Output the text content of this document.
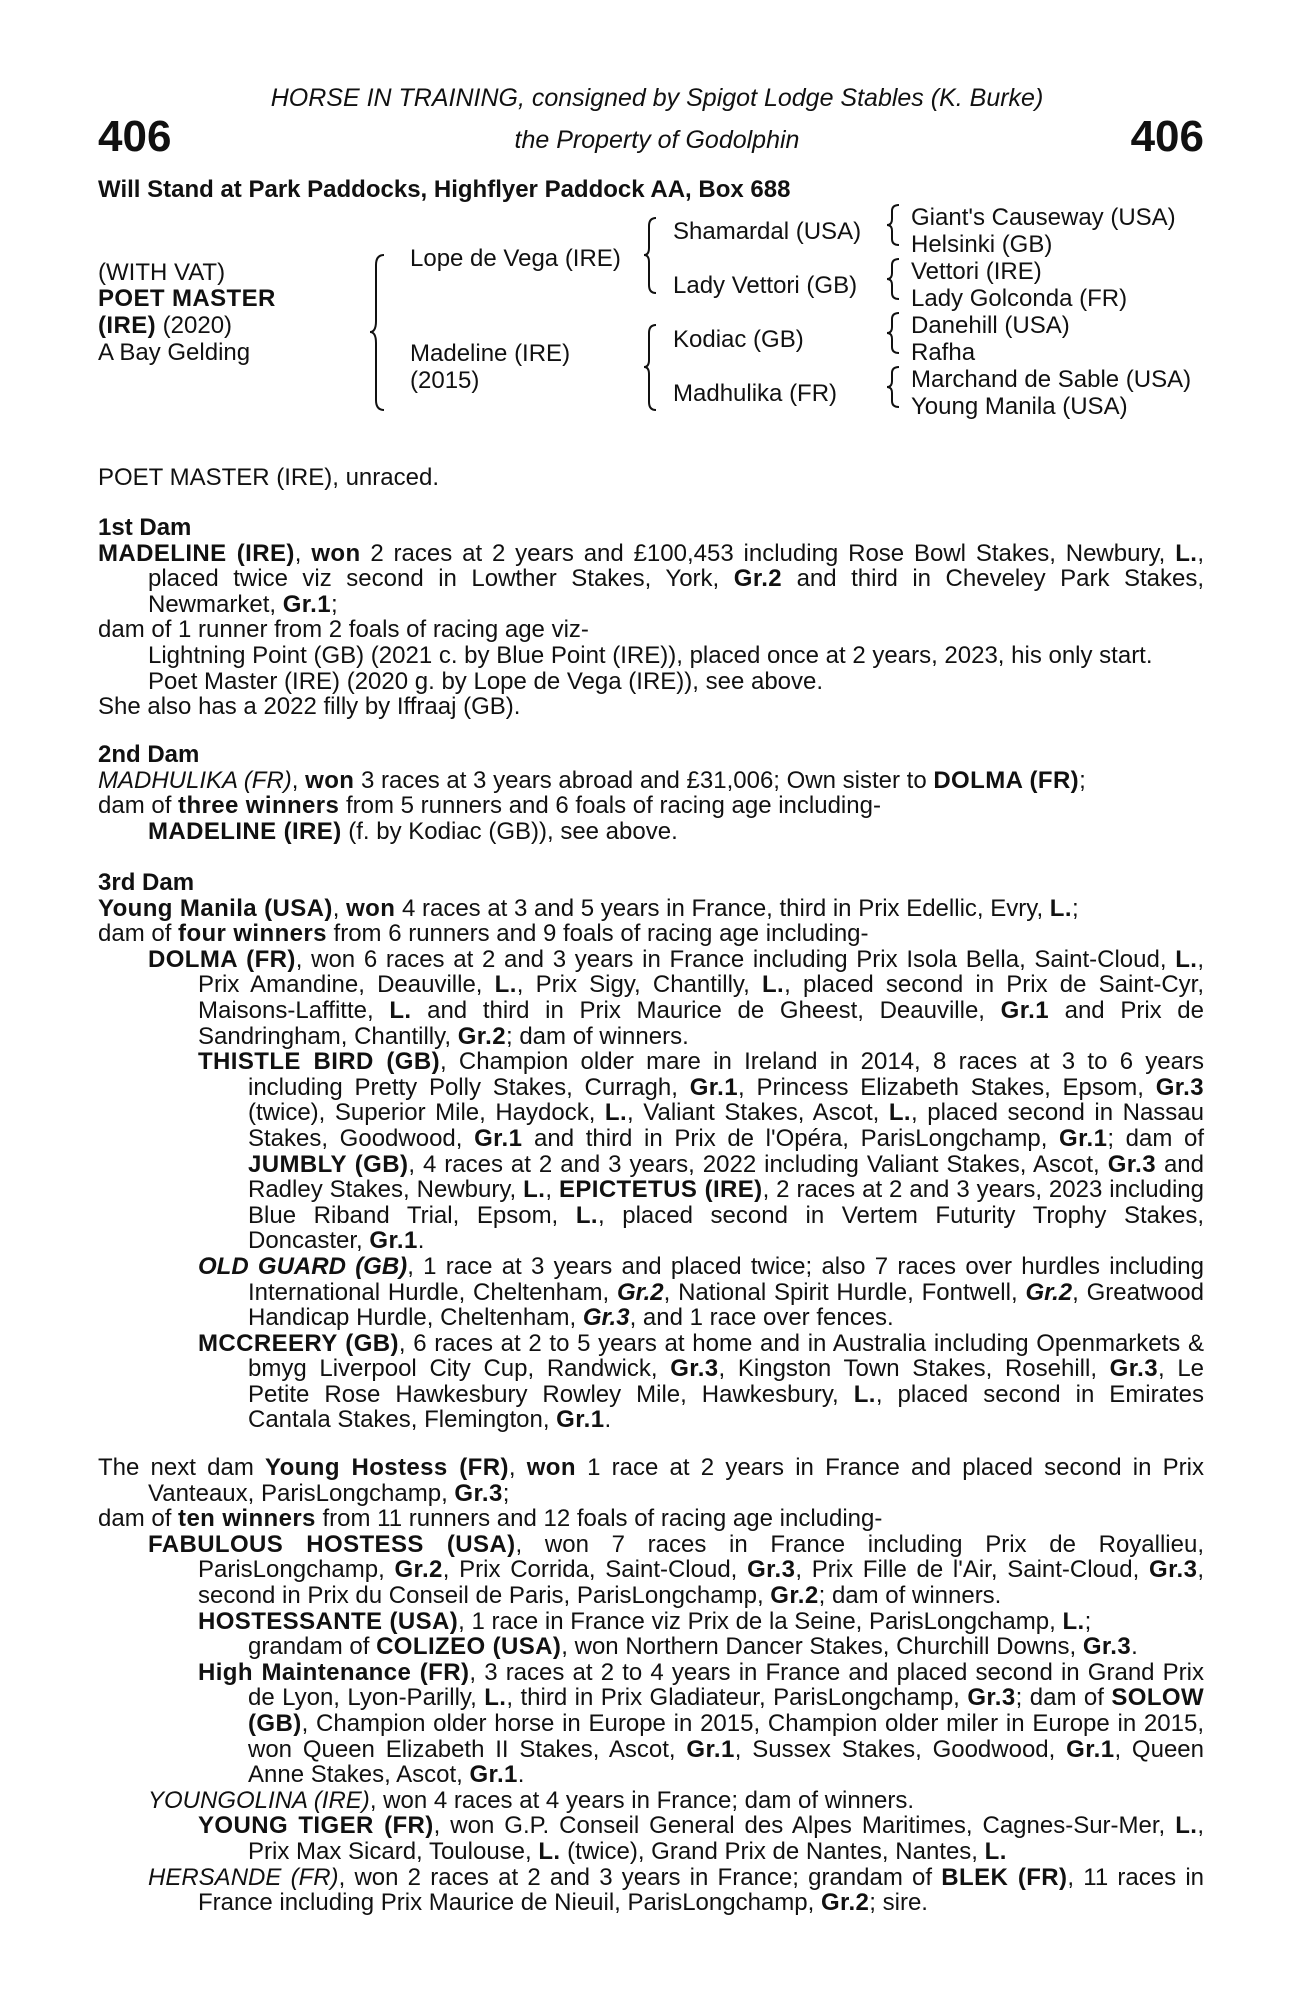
406	406
HORSE IN TRAINING, consigned by Spigot Lodge Stables (K. Burke)
the Property of Godolphin
Will Stand at Park Paddocks, Highflyer Paddock AA, Box 688
(WITH VAT)
POET MASTER
(IRE) (2020)
A Bay Gelding
Lope de Vega (IRE)
Madeline (IRE)
(2015)
Shamardal (USA)
Lady Vettori (GB)
Kodiac (GB)
Madhulika (FR)
Giant's Causeway (USA)
Helsinki (GB)
Vettori (IRE)
Lady Golconda (FR)
Danehill (USA)
Rafha
Marchand de Sable (USA)
Young Manila (USA)
POET MASTER (IRE), unraced.

1st Dam

MADELINE (IRE), won 2 races at 2 years and £100,453 including Rose Bowl Stakes, Newbury, L., placed twice viz second in Lowther Stakes, York, Gr.2 and third in Cheveley Park Stakes, Newmarket, Gr.1;

dam of 1 runner from 2 foals of racing age viz-

Lightning Point (GB) (2021 c. by Blue Point (IRE)), placed once at 2 years, 2023, his only start.

Poet Master (IRE) (2020 g. by Lope de Vega (IRE)), see above.

She also has a 2022 filly by Iffraaj (GB).

2nd Dam

MADHULIKA (FR), won 3 races at 3 years abroad and £31,006; Own sister to DOLMA (FR);

dam of three winners from 5 runners and 6 foals of racing age including-

MADELINE (IRE) (f. by Kodiac (GB)), see above.

3rd Dam

Young Manila (USA), won 4 races at 3 and 5 years in France, third in Prix Edellic, Evry, L.;

dam of four winners from 6 runners and 9 foals of racing age including-

DOLMA (FR), won 6 races at 2 and 3 years in France including Prix Isola Bella, Saint-Cloud, L., Prix Amandine, Deauville, L., Prix Sigy, Chantilly, L., placed second in Prix de Saint-Cyr, Maisons-Laffitte, L. and third in Prix Maurice de Gheest, Deauville, Gr.1 and Prix de Sandringham, Chantilly, Gr.2; dam of winners.

THISTLE BIRD (GB), Champion older mare in Ireland in 2014, 8 races at 3 to 6 years including Pretty Polly Stakes, Curragh, Gr.1, Princess Elizabeth Stakes, Epsom, Gr.3 (twice), Superior Mile, Haydock, L., Valiant Stakes, Ascot, L., placed second in Nassau Stakes, Goodwood, Gr.1 and third in Prix de l'Opéra, ParisLongchamp, Gr.1; dam of JUMBLY (GB), 4 races at 2 and 3 years, 2022 including Valiant Stakes, Ascot, Gr.3 and Radley Stakes, Newbury, L., EPICTETUS (IRE), 2 races at 2 and 3 years, 2023 including Blue Riband Trial, Epsom, L., placed second in Vertem Futurity Trophy Stakes, Doncaster, Gr.1.

OLD GUARD (GB), 1 race at 3 years and placed twice; also 7 races over hurdles including International Hurdle, Cheltenham, Gr.2, National Spirit Hurdle, Fontwell, Gr.2, Greatwood Handicap Hurdle, Cheltenham, Gr.3, and 1 race over fences.

MCCREERY (GB), 6 races at 2 to 5 years at home and in Australia including Openmarkets & bmyg Liverpool City Cup, Randwick, Gr.3, Kingston Town Stakes, Rosehill, Gr.3, Le Petite Rose Hawkesbury Rowley Mile, Hawkesbury, L., placed second in Emirates Cantala Stakes, Flemington, Gr.1.

The next dam Young Hostess (FR), won 1 race at 2 years in France and placed second in Prix Vanteaux, ParisLongchamp, Gr.3;

dam of ten winners from 11 runners and 12 foals of racing age including-

FABULOUS HOSTESS (USA), won 7 races in France including Prix de Royallieu, ParisLongchamp, Gr.2, Prix Corrida, Saint-Cloud, Gr.3, Prix Fille de l'Air, Saint-Cloud, Gr.3, second in Prix du Conseil de Paris, ParisLongchamp, Gr.2; dam of winners.

HOSTESSANTE (USA), 1 race in France viz Prix de la Seine, ParisLongchamp, L.;
grandam of COLIZEO (USA), won Northern Dancer Stakes, Churchill Downs, Gr.3.

High Maintenance (FR), 3 races at 2 to 4 years in France and placed second in Grand Prix de Lyon, Lyon-Parilly, L., third in Prix Gladiateur, ParisLongchamp, Gr.3; dam of SOLOW (GB), Champion older horse in Europe in 2015, Champion older miler in Europe in 2015, won Queen Elizabeth II Stakes, Ascot, Gr.1, Sussex Stakes, Goodwood, Gr.1, Queen Anne Stakes, Ascot, Gr.1.

YOUNGOLINA (IRE), won 4 races at 4 years in France; dam of winners.

YOUNG TIGER (FR), won G.P. Conseil General des Alpes Maritimes, Cagnes-Sur-Mer, L., Prix Max Sicard, Toulouse, L. (twice), Grand Prix de Nantes, Nantes, L.

HERSANDE (FR), won 2 races at 2 and 3 years in France; grandam of BLEK (FR), 11 races in France including Prix Maurice de Nieuil, ParisLongchamp, Gr.2; sire.
